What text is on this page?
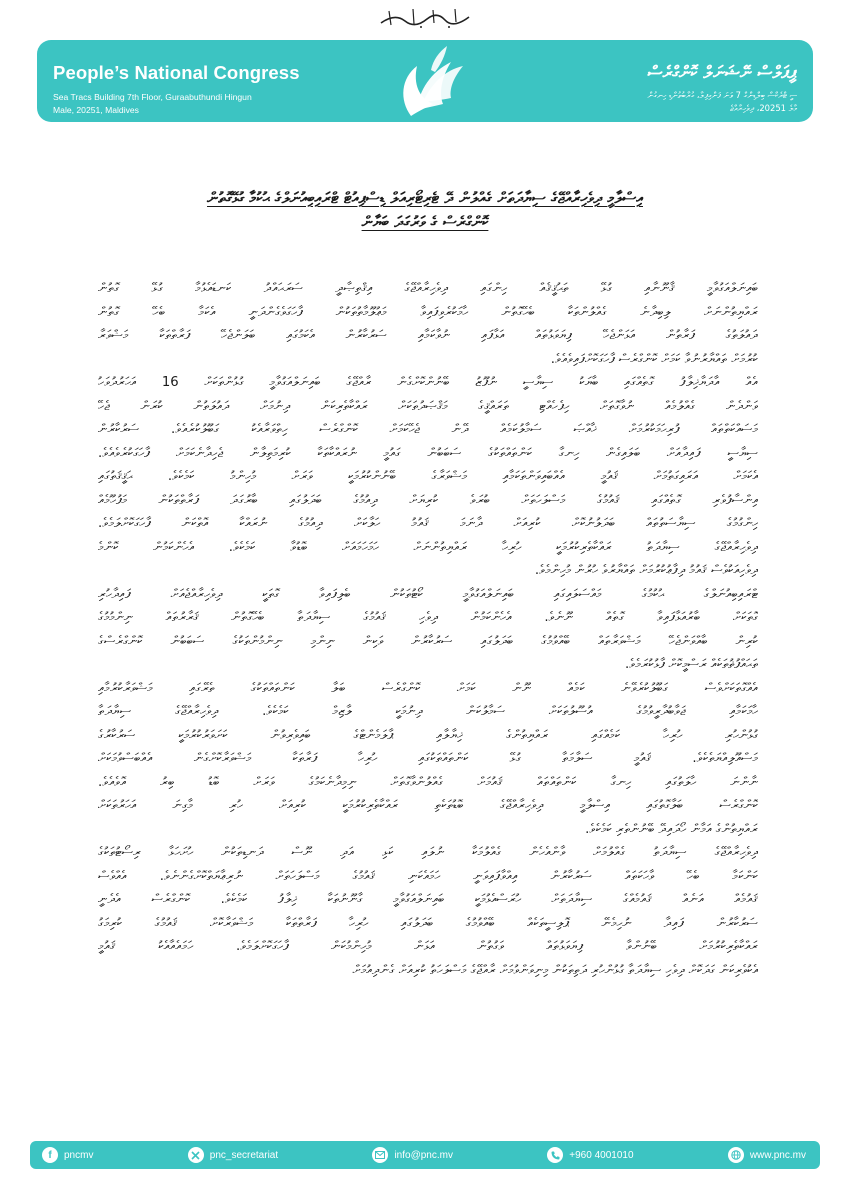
People’s National Congress
Sea Tracs Building 7th Floor, Guraabuthundi Hingun
Male, 20251, Maldives
ޕީޕަލްސް ނޭޝަނަލް ކޮންގްރެސް
ސީ ޓްރެކްސް ބިލްޑިންގް 7 ވަނަ ފަންގިފިލާ، ގުރާބުތުންޑި ހިނގުން
މާލެ 20251، ދިވެހިރާއްޖެ
އިސްލާމީ ދިވެހިރާއްޖޭގެ ސިޔާދަތަށް ގެއްލުން ދޭ ޓެރިޓޯރިއަލް ޑިސްޕިއުޓް ޓްރައިބިއުނަލްގެ ޙުކުމާ ގުޅޭގޮތުން
ކޮންގްރެސް ގެ ވަރުގަދަ ބަޔާން
ބައިނަލްއަގުވާމީ ޤާނޫނާއި ގުޅޭ ތަޙުޤީޤެއް ހިންގައި ދިވެހިރާއްޖޭގެ އިޤްތިޞާދީ ސަރަޙައްދު ކަނޑައެޅުމާ ގުޅޭ ގޮތުން
ރައްޔިތުންނަށް ލިބިދާނެ ގެއްލުންތަކާ ބެހޭގޮތުން ހާމަކުރެވިފައިވާ މަޢުލޫމާތުތަކުން ފާހަގަވެގެންދަނީ އެކަމާ ބެހޭ ގޮތުން
ދައުލަތުގެ ފަރާތުން އަޅަންޖެހޭ ފިޔަވަޅުތައް އަޅާފައި ނުވާކަމާއި ސަރުކާރުން އެކަމުގައި ބަލަންޖެހޭ ފަރާތްތަކާ މަޝްވަރާ
ކުރުމަށް ތައްޔާރުނުވާ ކަމަށް ކޮންގްރެސް ފާހަގަކޮށްފައިވެއެވެ.
އެއް އާދަޔާޚިލާފު ގޮތެއްގައި ބާޔަކު ސިޔާސީ ނުފޫޒު ބޭނުންކޮށްގެން ރާއްޖޭގެ ބައިނަލްއަގުވާމީ ގުޅުންތަކަށް 16 އަހަރުދުވަހު
ވަންދެން ގެއްލުމެއް ނުވާގޮތަށް ހިފެހެއްޓި ތަރައްޤީގެ މަޤްޞަދުތަކަށް ރައްކާތެރިކަން ދިނުމަށް ދައުލަތުން ކުރަން ޖެހޭ
މަސައްކަތްތައް ފުރިހަމަކުރުމަށް ޚާއްޞަ ސަމާލުކަމެއް ދޭން ޖެހޭކަމަށް ކޮންގްރެސް ހިތްވަރާއެކު ގަބޫލުކުރެއެވެ. ސަރުކާރުން
ސިޔާސީ ފައިދާއަށް ބަލައިގެން ހިނގާ ކަންތައްތަކުގެ ސަބަބުން ގައުމީ ނުރައްކާތަކާ ކުރިމަތިލާން ޖެހިދާނެކަމަށް ފާހަގަކުރެވެއެވެ.
އެކަމަށް އަރައިގަތުމަށް ޤައުމީ އެއްބައިވަންތަކަމާއި މަޝްވަރާގެ ބޭނުންކުރުމަކީ ވަރަށް މުހިންމު ކަމެކެވެ. ޙަޤީޤަތުގައި
އިންސާފުވެރި ގޮތެއްގައި ޤައުމުގެ މަސްލަހަތަށް ބުރަވެ ކުރިޔަށް ދިއުމުގެ ބަދަލުގައި ބާރުގަދަ ފަރާތްތަކުން މަފުހޫމެއް
ހިންގުމުގެ ސިޔާސަތުތައް ބަދަލުނުކޮށް ކުރިއަށް ދާނަމަ ޤައުމު ހަލާކަށް ދިއުމުގެ ނުރައްކާ އޮތްކަން ފާހަގަކޮށްލަމެވެ.
ދިވެހިރާއްޖޭގެ ސިޔާދަތު ރައްކާތެރިކުރުމަކީ ހުރިހާ ރައްޔިތުންނަށް ހަމަހަމައަށް ބޮޑުވާ ކަމެކެވެ. އެހެންކަމުން ކޮންމެ
ދިވެހިއަކުވެސް ޤައުމު ދިފާޢުކުރުމަށް ތައްޔާރުވެ ހުރުން މުހިންމެވެ.
ޓްރައިބިއުނަލްގެ ޙުކުމުގެ މައްސަލައިގައި ބައިނަލްއަގުވާމީ ކޯޓުތަކުން ބެލިފައިވާ ގޮތަކީ ދިވެހިރާއްޖެއަށް ފައިދާހުރި
ގޮތަކަށް ބާރުއަޅާފައިވާ ގޮތެއް ނޫނެވެ. އެހެންކަމުން ދިވެހި ޤައުމުގެ ސިޔާދަތާ ބެހޭގޮތުން ޤަރާރުތައް ނިންމުމުގެ
ކުރިން ބާއްވަންޖެހޭ މަޝްވަރާތައް ބޭއްވުމުގެ ބަދަލުގައި ސަރުކާރުން ވަކިން ނިންމި ނިންމުންތަކުގެ ސަބަބުން ކޮންގްރެސްގެ
ތަޙައްފުޡުތަކެއް ރަސްމީކޮށް ފާޅުކުރަމެވެ.
އެއްގޮތަކަށްވެސް ގަބޫލުކުރެވޭނެ ކަމެއް ނޫން ކަމަށް ކޮންގްރެސް ބަލާ ކަންތައްތަކުގެ ތެރޭގައި މަޝްވަރާކުރުމާއި
ހާމަކަމާއި ޖަވާބުދާރީވުމުގެ އުސޫލުތަކަށް ސަމާލުކަން ދިނުމަކީ ލާޒިމް ކަމެކެވެ. ދިވެހިރާއްޖޭގެ ސިޔާދަތާ
ގުޅުންހުރި ހުރިހާ ކަމެއްގައި ރައްޔިތުންގެ ޚިޔާލާއި ޕާލަމެންޓްގެ ބައިވެރިވުން ކަށަވަރުކުރުމަކީ ސަރުކާރުގެ
މަސްއޫލިއްޔަތެކެވެ. ޤައުމީ ސަލާމަތާ ގުޅޭ ކަންތައްތަކުގައި ހުރިހާ ފަރާތަކާ މަޝްވަރާކޮށްގެން އެއްބަސްވުމަކަށް
ނާންނަ ހާލަތުގައި ހިނގާ ކަންތައްތައް ޤައުމަށް ގެއްލުންވާގޮތަށް ނިމިދާނެކަމުގެ ވަރަށް ބޮޑު ބިރު އޮވެއެވެ.
ކޮންގްރެސް ބަލާގޮތުގައި އިސްލާމީ ދިވެހިރާއްޖޭގެ ބޮޑުތަކެތި ރައްކާތެރިކުރުމަކީ ކުރިއަށް ހުރި މާގިނަ އަހަރުތަކަށް
ރައްޔިތުންގެ އަމާން ހޯދައިދޭ ބޭނުންތެރި ކަމެކެވެ.
ދިވެހިރާއްޖޭގެ ސިޔާދަތު ގެއްލުމަށް ވާންއެހެން ގެއްލުމަކާ ނުލައި ކަޅި އަދި ނޫސް ދަނޑިތަކުން ހުށަހަޅާ ރިސޯޓުތަކުގެ
ކަންކަމާ ބެހޭ ވާހަކަތައް ސަރުކާރުން އިއްވާފައިވަނީ ހަމައެކަނި ޤައުމުގެ މަސްލަހަތަށް ނުރިޢާޔަތްކޮށްގެންނެވެ. އެއްވެސް
ޤައުމެއް އަނެއް ޤައުމެއްގެ ސިޔާދަތަށް ހުރަސްއެޅުމަކީ ބައިނަލްއަގުވާމީ ގާނޫނުތަކާ ޚިލާފު ކަމެކެވެ. ކޮންގްރެސް އެދެނީ
ސަރުކާރުން ފައިދާ ނުހިމެނޭ ޕޮލިސީތަކެއް ބޭއްވުމުގެ ބަދަލުގައި ހުރިހާ ފަރާތްތަކާ މަޝްވަރާކޮށް ޤައުމުގެ ކުރިމަގު
ރައްކާތެރިކުރުމަށް ބޭނުންވާ ފިޔަވަޅުތައް ވަގުތުން އަޅަން މުހިންމުކަން ފާހަގަކޮށްލަމެވެ. ހަމައެއާއެކު ޤައުމީ
އެކުވެރިކަން ގަދަކޮށް ދިވެހި ސިޔާދަތާ ގުޅުންހުރި ދަތިތަކުން މިނިވަންވުމަށް ރާއްޖޭގެ މަސްލަހަތު ކުރިއަށް ގެންދިއުމަށް
f	pncmv	pnc_secretariat	info@pnc.mv	+960 4001010	www.pnc.mv
